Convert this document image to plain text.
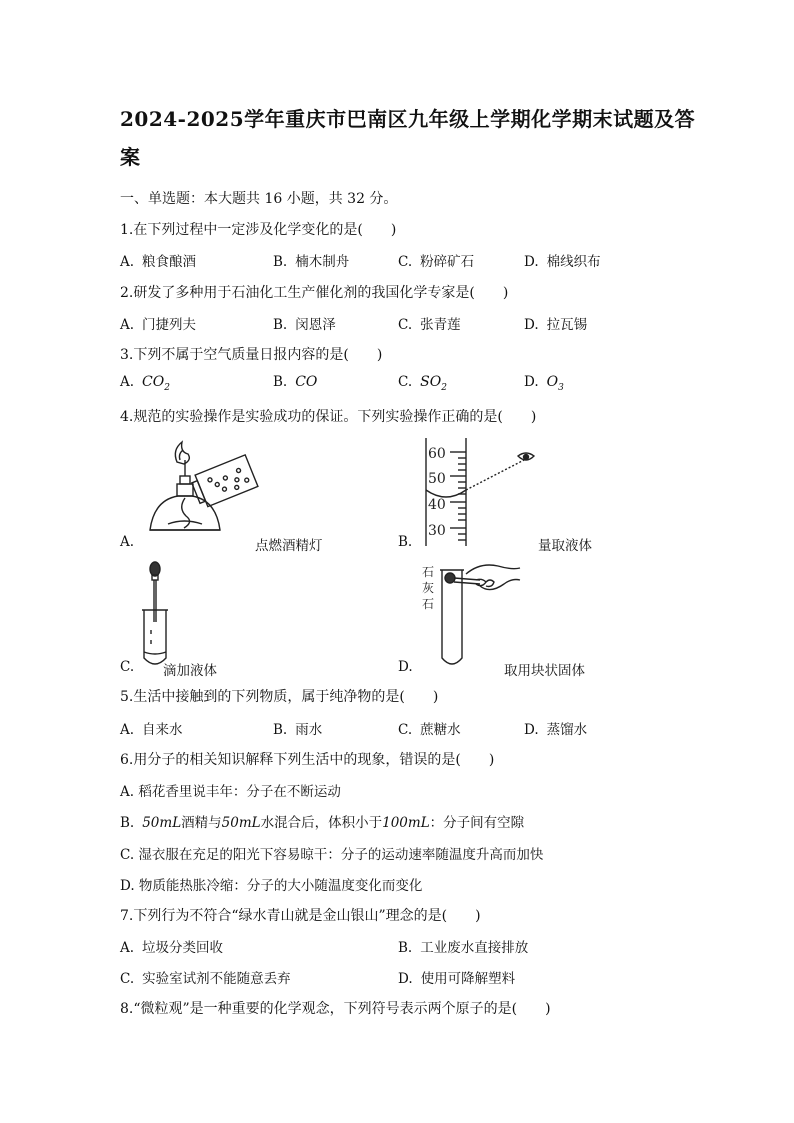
2024-2025学年重庆市巴南区九年级上学期化学期末试题及答案
一、单选题：本大题共 16 小题，共 32 分。
1.在下列过程中一定涉及化学变化的是(　　)
A. 粮食酿酒	B. 楠木制舟	C. 粉碎矿石	D. 棉线织布
2.研发了多种用于石油化工生产催化剂的我国化学专家是(　　)
A. 门捷列夫	B. 闵恩泽	C. 张青莲	D. 拉瓦锡
3.下列不属于空气质量日报内容的是(　　)
A. $CO_2$	B. CO	C. $SO_2$	D. $O_3$
4.规范的实验操作是实验成功的保证。下列实验操作正确的是(　　)
A.	点燃酒精灯
60
50
40
30
B.	量取液体
C. 滴加液体
石
灰
石
D.	取用块状固体
5.生活中接触到的下列物质，属于纯净物的是(　　)
A. 自来水	B. 雨水	C. 蔗糖水	D. 蒸馏水
6.用分子的相关知识解释下列生活中的现象，错误的是(　　)
A. 稻花香里说丰年：分子在不断运动
B. 50mL酒精与50mL水混合后，体积小于100mL：分子间有空隙
C. 湿衣服在充足的阳光下容易晾干：分子的运动速率随温度升高而加快
D. 物质能热胀冷缩：分子的大小随温度变化而变化
7.下列行为不符合“绿水青山就是金山银山”理念的是(　　)
A. 垃圾分类回收	B. 工业废水直接排放
C. 实验室试剂不能随意丢弃	D. 使用可降解塑料
8.“微粒观”是一种重要的化学观念，下列符号表示两个原子的是(　　)
